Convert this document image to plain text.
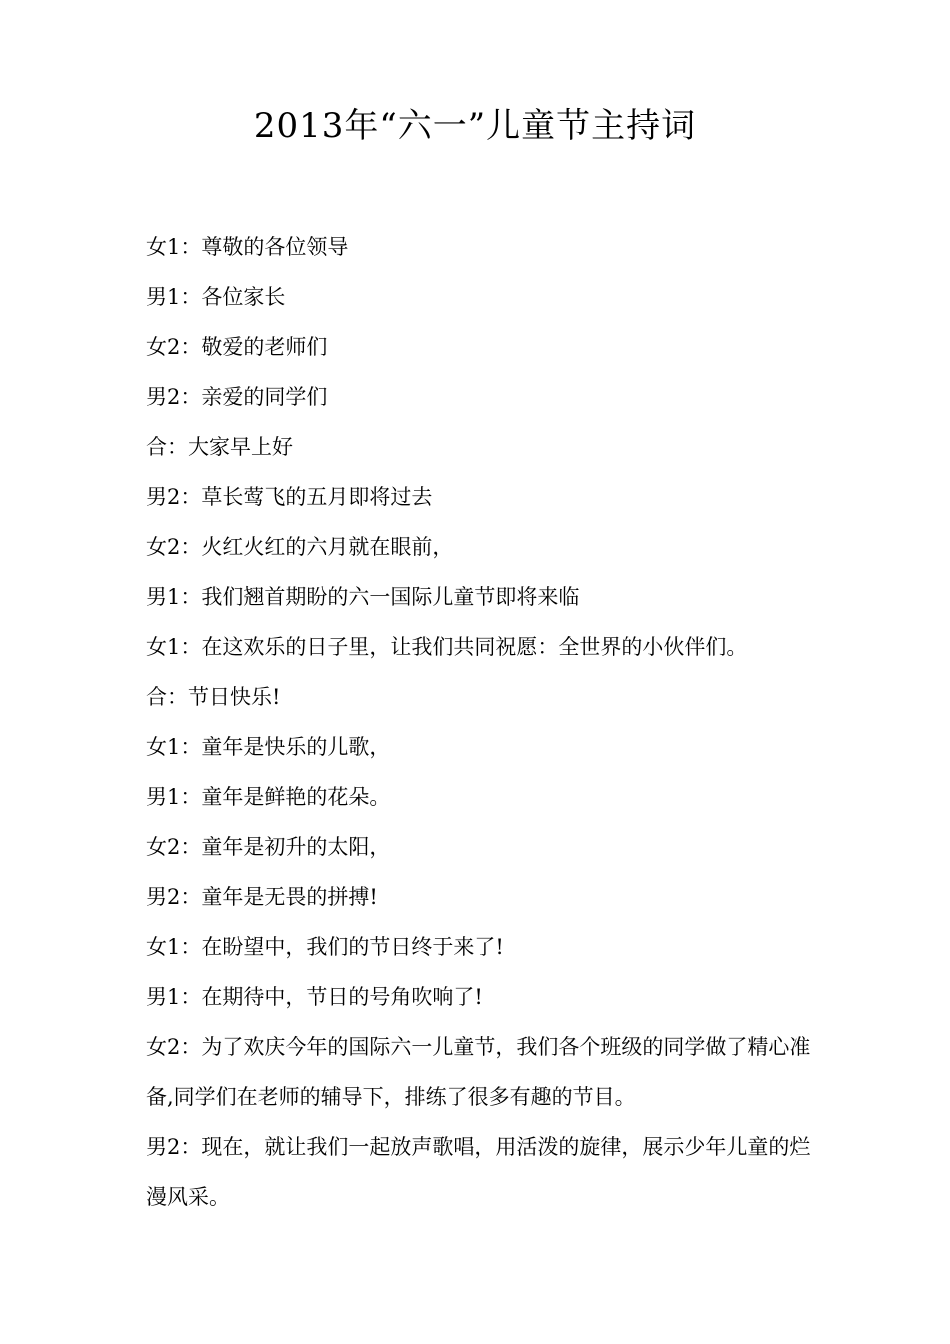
2013年“六一”儿童节主持词

女1：尊敬的各位领导

男1：各位家长

女2：敬爱的老师们

男2：亲爱的同学们

合：大家早上好

男2：草长莺飞的五月即将过去

女2：火红火红的六月就在眼前，

男1：我们翘首期盼的六一国际儿童节即将来临

女1：在这欢乐的日子里，让我们共同祝愿：全世界的小伙伴们。

合：节日快乐!

女1：童年是快乐的儿歌，

男1：童年是鲜艳的花朵。

女2：童年是初升的太阳，

男2：童年是无畏的拼搏!

女1：在盼望中，我们的节日终于来了!

男1：在期待中，节日的号角吹响了!

女2：为了欢庆今年的国际六一儿童节，我们各个班级的同学做了精心准备,同学们在老师的辅导下，排练了很多有趣的节目。

男2：现在，就让我们一起放声歌唱，用活泼的旋律，展示少年儿童的烂漫风采。
